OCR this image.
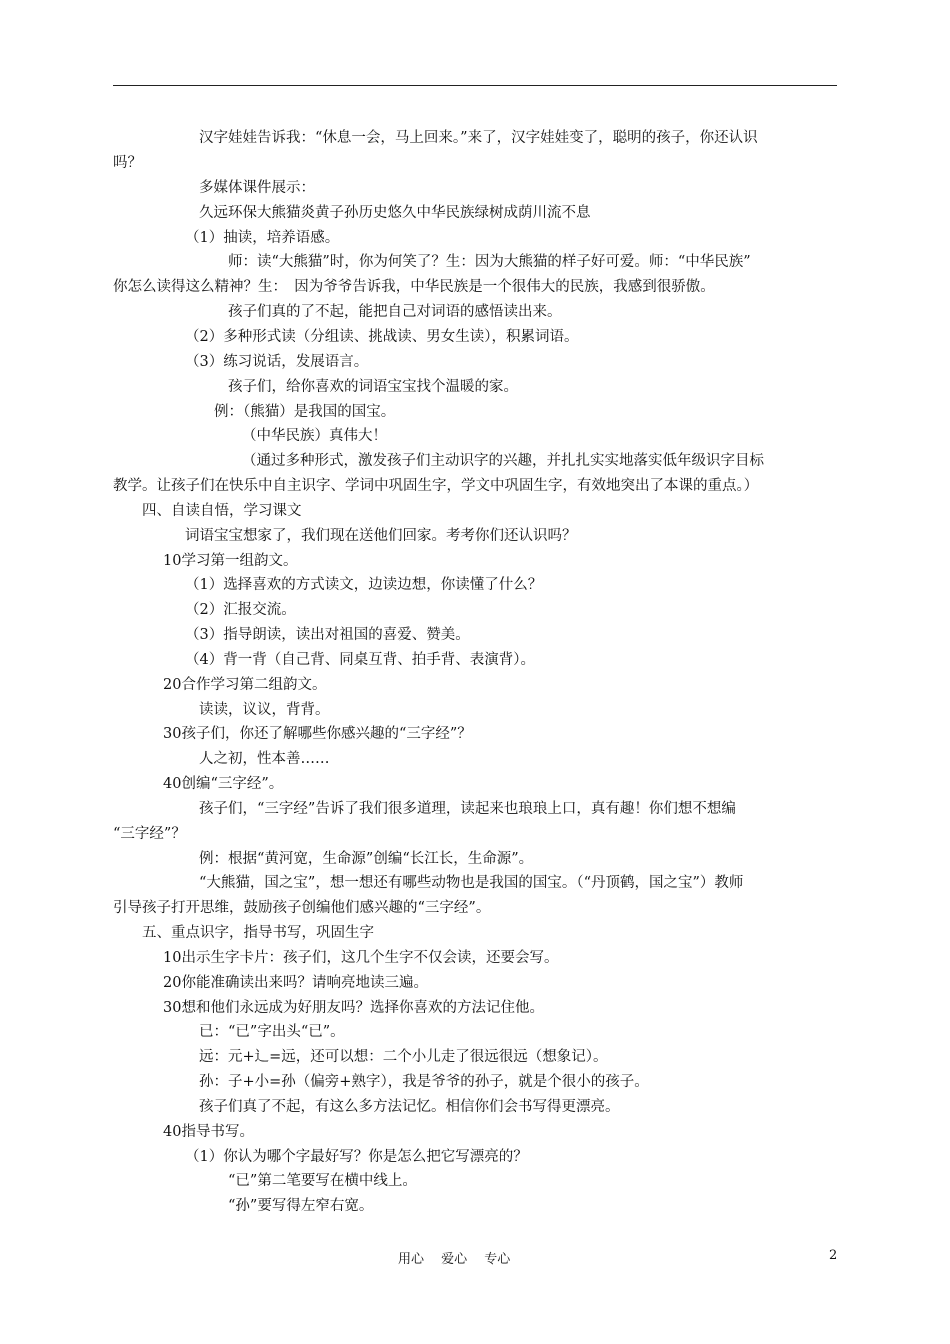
汉字娃娃告诉我：“休息一会，马上回来。”来了，汉字娃娃变了，聪明的孩子，你还认识
吗？
多媒体课件展示：
久远环保大熊猫炎黄子孙历史悠久中华民族绿树成荫川流不息
（1）抽读，培养语感。
师：读“大熊猫”时，你为何笑了？生：因为大熊猫的样子好可爱。师：“中华民族”
你怎么读得这么精神？生：　因为爷爷告诉我，中华民族是一个很伟大的民族，我感到很骄傲。
孩子们真的了不起，能把自己对词语的感悟读出来。
（2）多种形式读（分组读、挑战读、男女生读），积累词语。
（3）练习说话，发展语言。
孩子们，给你喜欢的词语宝宝找个温暖的家。
例：（熊猫）是我国的国宝。
（中华民族）真伟大！
（通过多种形式，激发孩子们主动识字的兴趣，并扎扎实实地落实低年级识字目标
教学。让孩子们在快乐中自主识字、学词中巩固生字，学文中巩固生字，有效地突出了本课的重点。）
四、自读自悟，学习课文
词语宝宝想家了，我们现在送他们回家。考考你们还认识吗？
10学习第一组韵文。
（1）选择喜欢的方式读文，边读边想，你读懂了什么？
（2）汇报交流。
（3）指导朗读，读出对祖国的喜爱、赞美。
（4）背一背（自己背、同桌互背、拍手背、表演背）。
20合作学习第二组韵文。
读读，议议，背背。
30孩子们，你还了解哪些你感兴趣的“三字经”？
人之初，性本善……
40创编“三字经”。
孩子们，“三字经”告诉了我们很多道理，读起来也琅琅上口，真有趣！你们想不想编
“三字经”？
例：根据“黄河宽，生命源”创编“长江长，生命源”。
“大熊猫，国之宝”，想一想还有哪些动物也是我国的国宝。（“丹顶鹤，国之宝”）教师
引导孩子打开思维，鼓励孩子创编他们感兴趣的“三字经”。
五、重点识字，指导书写，巩固生字
10出示生字卡片：孩子们，这几个生字不仅会读，还要会写。
20你能准确读出来吗？请响亮地读三遍。
30想和他们永远成为好朋友吗？选择你喜欢的方法记住他。
已：“已”字出头“已”。
远：元+辶=远，还可以想：二个小儿走了很远很远（想象记）。
孙：子+小=孙（偏旁+熟字），我是爷爷的孙子，就是个很小的孩子。
孩子们真了不起，有这么多方法记忆。相信你们会书写得更漂亮。
40指导书写。
（1）你认为哪个字最好写？你是怎么把它写漂亮的？
“已”第二笔要写在横中线上。
“孙”要写得左窄右宽。
用心　 爱心　 专心	2
